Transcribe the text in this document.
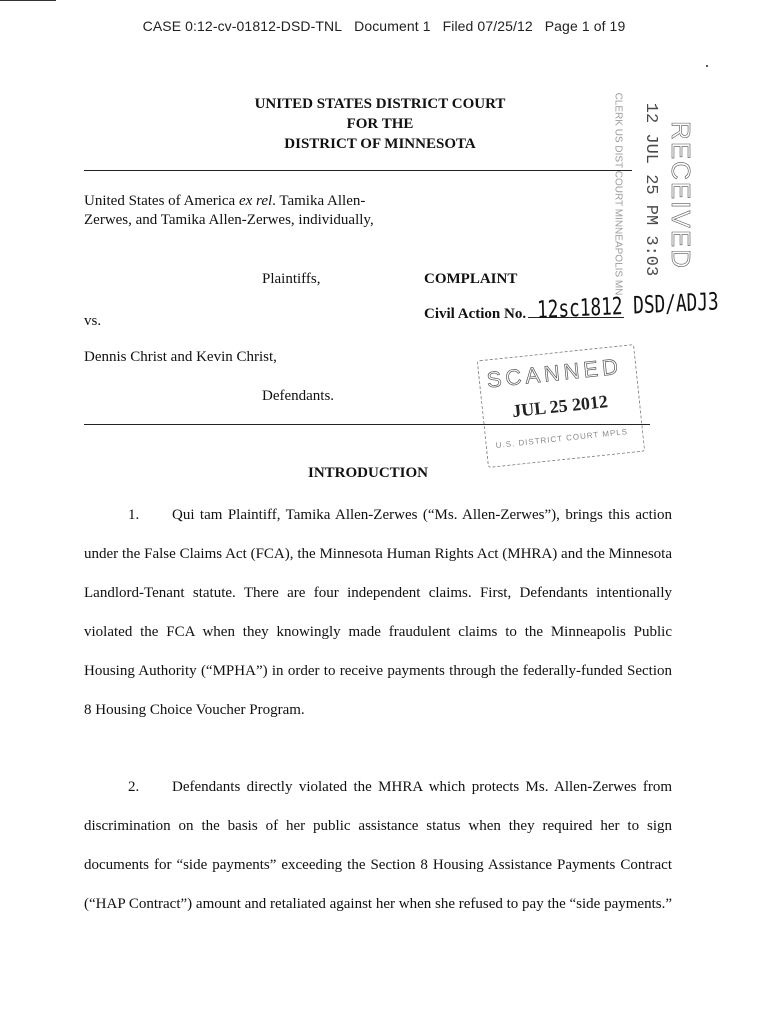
CASE 0:12-cv-01812-DSD-TNL Document 1 Filed 07/25/12 Page 1 of 19
UNITED STATES DISTRICT COURT
FOR THE
DISTRICT OF MINNESOTA
United States of America ex rel. Tamika Allen-Zerwes, and Tamika Allen-Zerwes, individually,
Plaintiffs,	COMPLAINT
vs.	Civil Action No. 12sc1812 DSD/ADJ3
Dennis Christ and Kevin Christ,
Defendants.
RECEIVED
12 JUL 25 PM 3:03
CLERK US DIST COURT MINNEAPOLIS MN
SCANNED
JUL 25 2012
U.S. DISTRICT COURT MPLS
INTRODUCTION

1. Qui tam Plaintiff, Tamika Allen-Zerwes (“Ms. Allen-Zerwes”), brings this action under the False Claims Act (FCA), the Minnesota Human Rights Act (MHRA) and the Minnesota Landlord-Tenant statute. There are four independent claims. First, Defendants intentionally violated the FCA when they knowingly made fraudulent claims to the Minneapolis Public Housing Authority (“MPHA”) in order to receive payments through the federally-funded Section 8 Housing Choice Voucher Program.

2. Defendants directly violated the MHRA which protects Ms. Allen-Zerwes from discrimination on the basis of her public assistance status when they required her to sign documents for “side payments” exceeding the Section 8 Housing Assistance Payments Contract (“HAP Contract”) amount and retaliated against her when she refused to pay the “side payments.”
